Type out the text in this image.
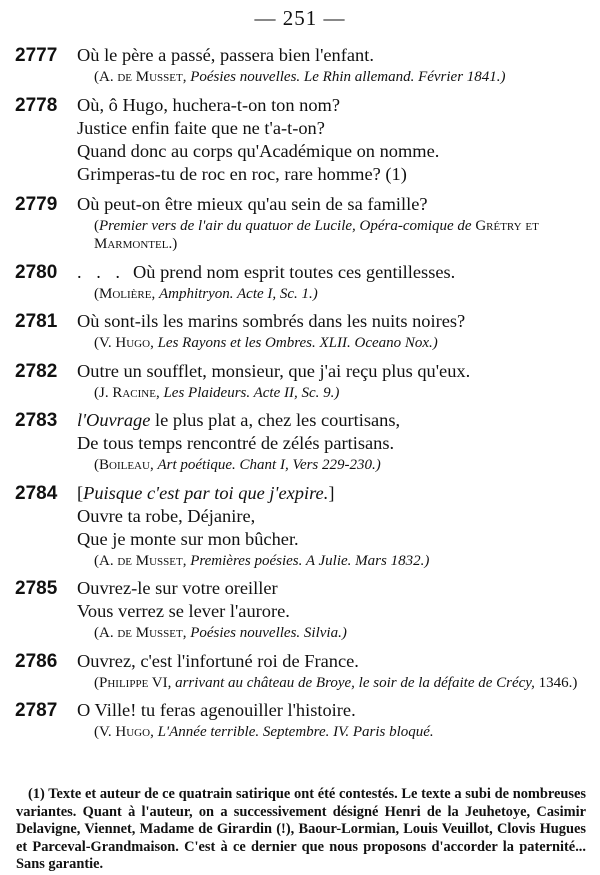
— 251 —
2777	Où le père a passé, passera bien l'enfant.
(A. de Musset, Poésies nouvelles. Le Rhin allemand. Février 1841.)
2778	Où, ô Hugo, huchera-t-on ton nom?
Justice enfin faite que ne t'a-t-on?
Quand donc au corps qu'Académique on nomme.
Grimperas-tu de roc en roc, rare homme? (1)
2779	Où peut-on être mieux qu'au sein de sa famille?
(Premier vers de l'air du quatuor de Lucile, Opéra-comique de Grétry et Marmontel.)
2780	. . . Où prend nom esprit toutes ces gentillesses.
(Molière, Amphitryon. Acte I, Sc. 1.)
2781	Où sont-ils les marins sombrés dans les nuits noires?
(V. Hugo, Les Rayons et les Ombres. XLII. Oceano Nox.)
2782	Outre un soufflet, monsieur, que j'ai reçu plus qu'eux.
(J. Racine, Les Plaideurs. Acte II, Sc. 9.)
2783	l'Ouvrage le plus plat a, chez les courtisans,
De tous temps rencontré de zélés partisans.
(Boileau, Art poétique. Chant I, Vers 229-230.)
2784	[Puisque c'est par toi que j'expire.]
Ouvre ta robe, Déjanire,
Que je monte sur mon bûcher.
(A. de Musset, Premières poésies. A Julie. Mars 1832.)
2785	Ouvrez-le sur votre oreiller
Vous verrez se lever l'aurore.
(A. de Musset, Poésies nouvelles. Silvia.)
2786	Ouvrez, c'est l'infortuné roi de France.
(Philippe VI, arrivant au château de Broye, le soir de la défaite de Crécy, 1346.)
2787	O Ville! tu feras agenouiller l'histoire.
(V. Hugo, L'Année terrible. Septembre. IV. Paris bloqué.
(1) Texte et auteur de ce quatrain satirique ont été contestés. Le texte a subi de nombreuses variantes. Quant à l'auteur, on a successivement désigné Henri de la Jeuhetoye, Casimir Delavigne, Viennet, Madame de Girardin (!), Baour-Lormian, Louis Veuillot, Clovis Hugues et Parceval-Grandmaison. C'est à ce dernier que nous proposons d'accorder la paternité... Sans garantie.
